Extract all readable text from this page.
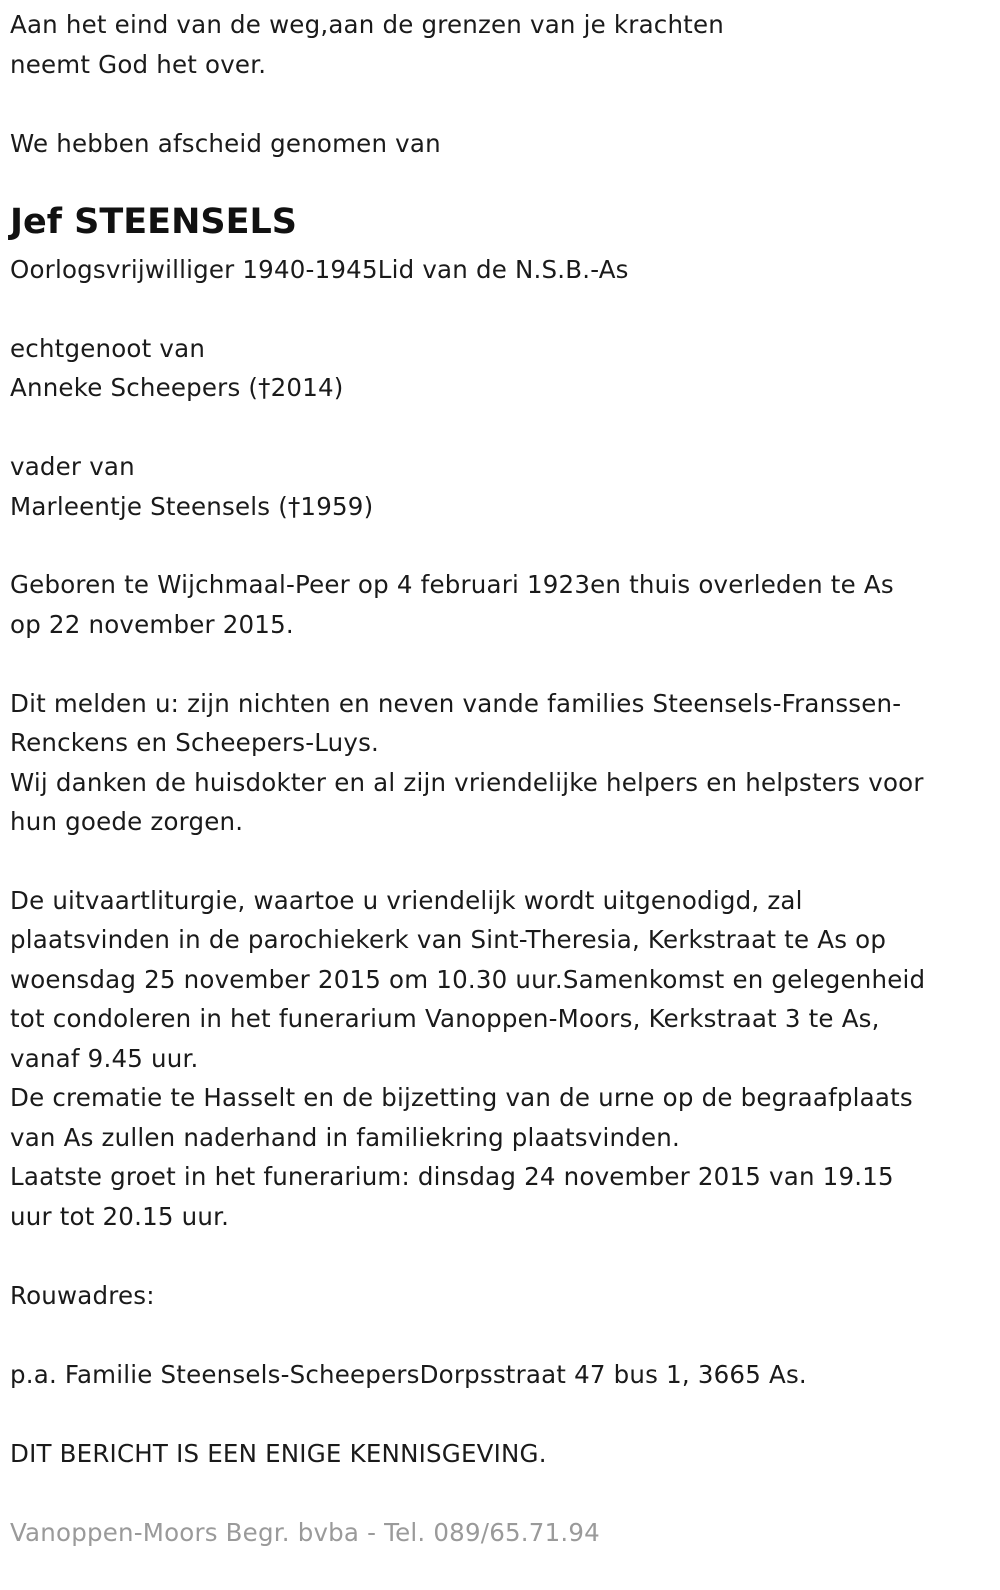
Aan het eind van de weg,aan de grenzen van je krachten
neemt God het over.
We hebben afscheid genomen van
Jef STEENSELS
Oorlogsvrijwilliger 1940-1945Lid van de N.S.B.-As
echtgenoot van
Anneke Scheepers (†2014)
vader van
Marleentje Steensels (†1959)
Geboren te Wijchmaal-Peer op 4 februari 1923en thuis overleden te As
op 22 november 2015.
Dit melden u: zijn nichten en neven vande families Steensels-Franssen-
Renckens en Scheepers-Luys.
Wij danken de huisdokter en al zijn vriendelijke helpers en helpsters voor
hun goede zorgen.
De uitvaartliturgie, waartoe u vriendelijk wordt uitgenodigd, zal
plaatsvinden in de parochiekerk van Sint-Theresia, Kerkstraat te As op
woensdag 25 november 2015 om 10.30 uur.Samenkomst en gelegenheid
tot condoleren in het funerarium Vanoppen-Moors, Kerkstraat 3 te As,
vanaf 9.45 uur.
De crematie te Hasselt en de bijzetting van de urne op de begraafplaats
van As zullen naderhand in familiekring plaatsvinden.
Laatste groet in het funerarium: dinsdag 24 november 2015 van 19.15
uur tot 20.15 uur.
Rouwadres:
p.a. Familie Steensels-ScheepersDorpsstraat 47 bus 1, 3665 As.
DIT BERICHT IS EEN ENIGE KENNISGEVING.
Vanoppen-Moors Begr. bvba - Tel. 089/65.71.94
